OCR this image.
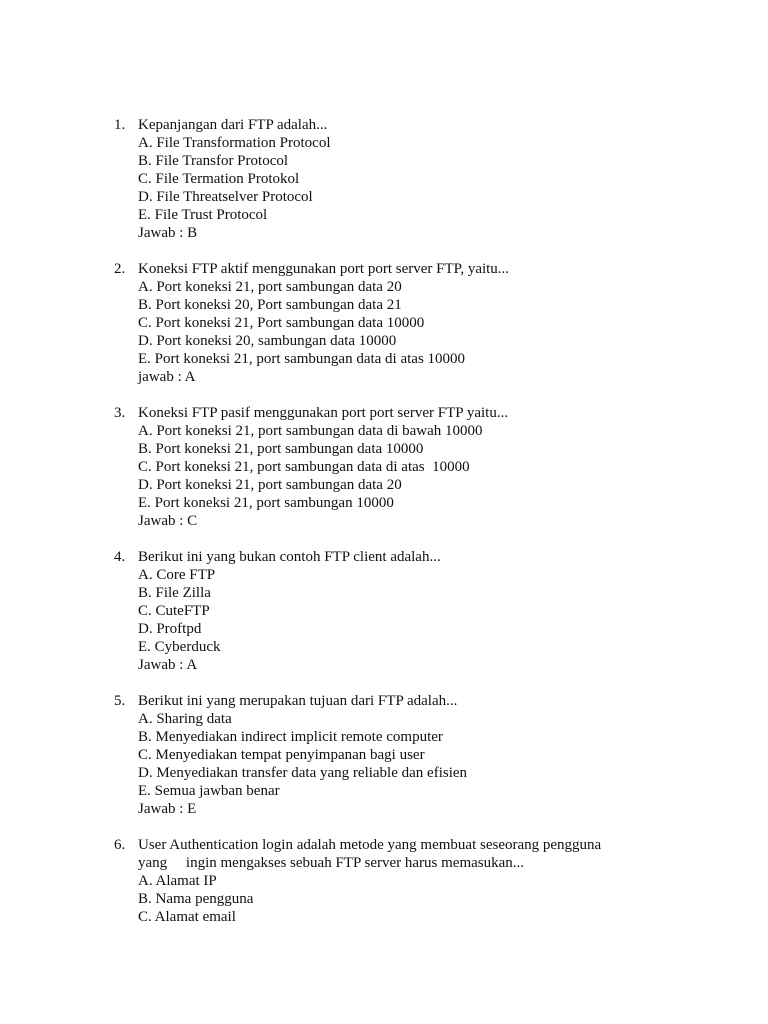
1. Kepanjangan dari FTP adalah...
A. File Transformation Protocol
B. File Transfor Protocol
C. File Termation Protokol
D. File Threatselver Protocol
E. File Trust Protocol
Jawab : B
2. Koneksi FTP aktif menggunakan port port server FTP, yaitu...
A. Port koneksi 21, port sambungan data 20
B. Port koneksi 20, Port sambungan data 21
C. Port koneksi 21, Port sambungan data 10000
D. Port koneksi 20, sambungan data 10000
E. Port koneksi 21, port sambungan data di atas 10000
jawab : A
3. Koneksi FTP pasif menggunakan port port server FTP yaitu...
A. Port koneksi 21, port sambungan data di bawah 10000
B. Port koneksi 21, port sambungan data 10000
C. Port koneksi 21, port sambungan data di atas  10000
D. Port koneksi 21, port sambungan data 20
E. Port koneksi 21, port sambungan 10000
Jawab : C
4. Berikut ini yang bukan contoh FTP client adalah...
A. Core FTP
B. File Zilla
C. CuteFTP
D. Proftpd
E. Cyberduck
Jawab : A
5. Berikut ini yang merupakan tujuan dari FTP adalah...
A. Sharing data
B. Menyediakan indirect implicit remote computer
C. Menyediakan tempat penyimpanan bagi user
D. Menyediakan transfer data yang reliable dan efisien
E. Semua jawban benar
Jawab : E
6. User Authentication login adalah metode yang membuat seseorang pengguna
yang     ingin mengakses sebuah FTP server harus memasukan...
A. Alamat IP
B. Nama pengguna
C. Alamat email
